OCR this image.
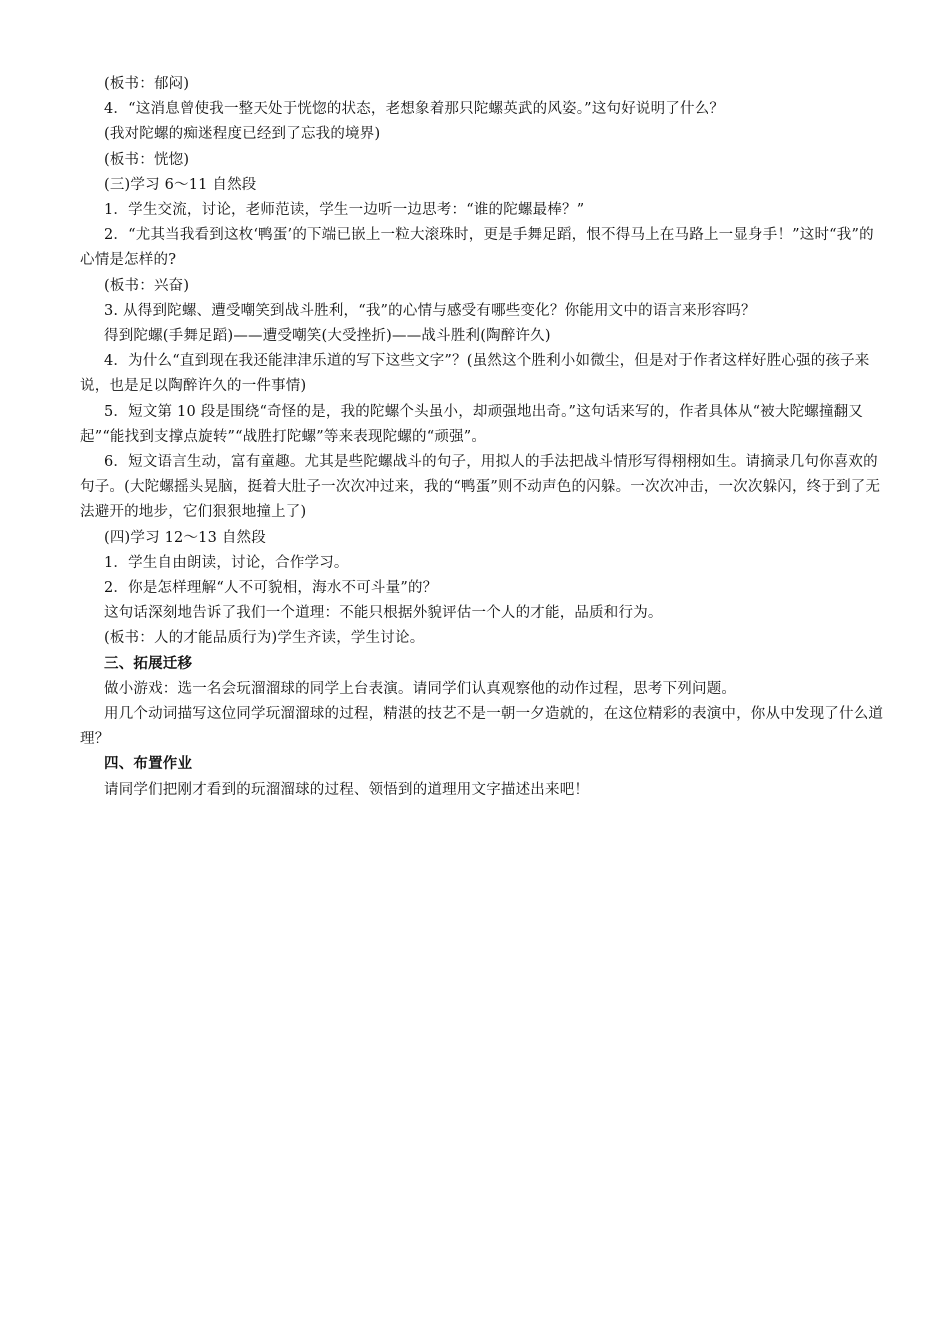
(板书：郁闷)
4．“这消息曾使我一整天处于恍惚的状态，老想象着那只陀螺英武的风姿。”这句好说明了什么？
(我对陀螺的痴迷程度已经到了忘我的境界)
(板书：恍惚)
(三)学习 6～11 自然段
1．学生交流，讨论，老师范读，学生一边听一边思考：“谁的陀螺最棒？”
2．“尤其当我看到这枚‘鸭蛋’的下端已嵌上一粒大滚珠时，更是手舞足蹈，恨不得马上在马路上一显身手！”这时“我”的心情是怎样的?
(板书：兴奋)
3. 从得到陀螺、遭受嘲笑到战斗胜利，“我”的心情与感受有哪些变化？你能用文中的语言来形容吗？
得到陀螺(手舞足蹈)——遭受嘲笑(大受挫折)——战斗胜利(陶醉许久)
4．为什么“直到现在我还能津津乐道的写下这些文字”？(虽然这个胜利小如微尘，但是对于作者这样好胜心强的孩子来说，也是足以陶醉许久的一件事情)
5．短文第 10 段是围绕“奇怪的是，我的陀螺个头虽小，却顽强地出奇。”这句话来写的，作者具体从“被大陀螺撞翻又起”“能找到支撑点旋转”“战胜打陀螺”等来表现陀螺的“顽强”。
6．短文语言生动，富有童趣。尤其是些陀螺战斗的句子，用拟人的手法把战斗情形写得栩栩如生。请摘录几句你喜欢的句子。(大陀螺摇头晃脑，挺着大肚子一次次冲过来，我的“鸭蛋”则不动声色的闪躲。一次次冲击，一次次躲闪，终于到了无法避开的地步，它们狠狠地撞上了)
(四)学习 12～13 自然段
1．学生自由朗读，讨论，合作学习。
2．你是怎样理解“人不可貌相，海水不可斗量”的？
这句话深刻地告诉了我们一个道理：不能只根据外貌评估一个人的才能，品质和行为。
(板书：人的才能品质行为)学生齐读，学生讨论。
三、拓展迁移
做小游戏：选一名会玩溜溜球的同学上台表演。请同学们认真观察他的动作过程，思考下列问题。
用几个动词描写这位同学玩溜溜球的过程，精湛的技艺不是一朝一夕造就的，在这位精彩的表演中，你从中发现了什么道理？
四、布置作业
请同学们把刚才看到的玩溜溜球的过程、领悟到的道理用文字描述出来吧！
